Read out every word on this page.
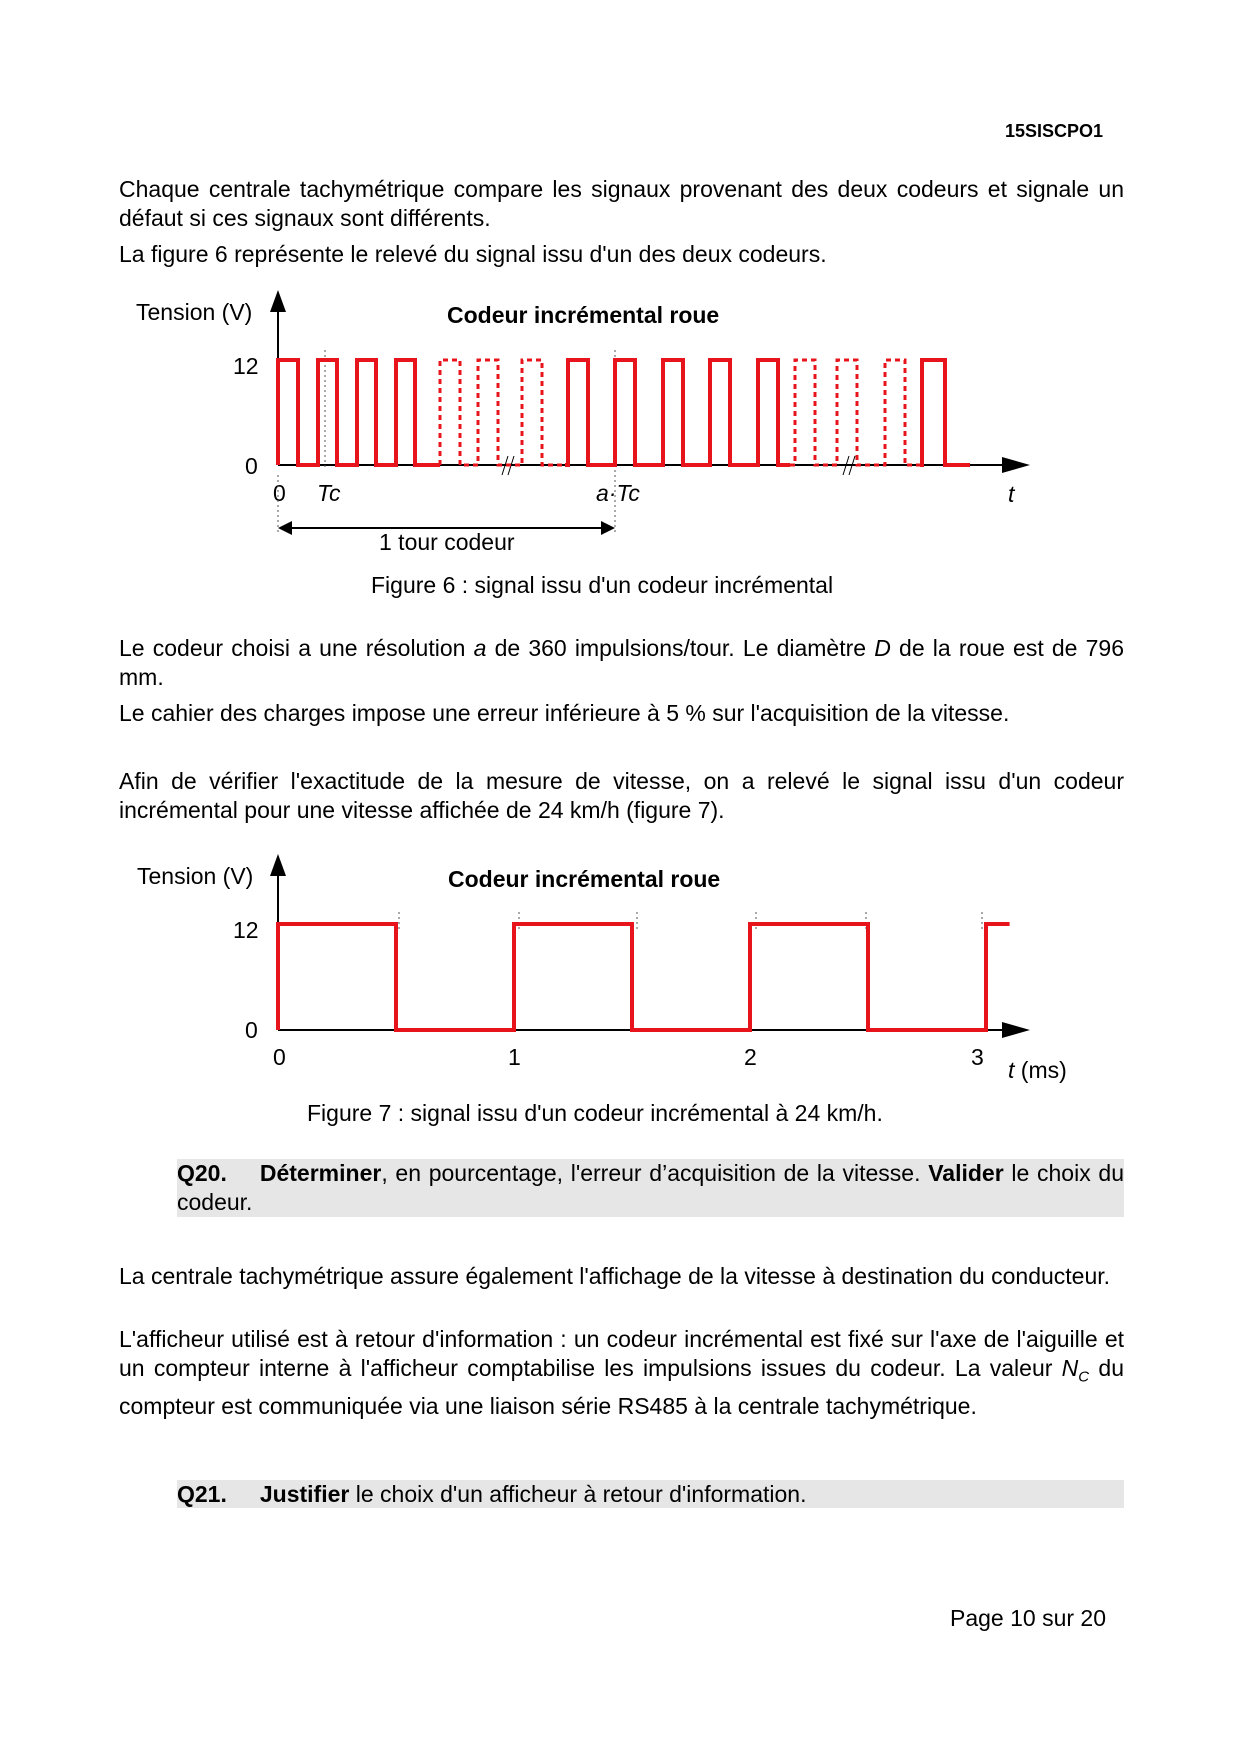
15SISCPO1

Chaque centrale tachymétrique compare les signaux provenant des deux codeurs et signale un défaut si ces signaux sont différents.

La figure 6 représente le relevé du signal issu d'un des deux codeurs.

Tension (V)	Codeur incrémental roue
12
0
0 Tc	a·Tc	t
1 tour codeur
Figure 6 : signal issu d'un codeur incrémental

Le codeur choisi a une résolution a de 360 impulsions/tour. Le diamètre D de la roue est de 796 mm.

Le cahier des charges impose une erreur inférieure à 5 % sur l'acquisition de la vitesse.

Afin de vérifier l'exactitude de la mesure de vitesse, on a relevé le signal issu d'un codeur incrémental pour une vitesse affichée de 24 km/h (figure 7).

Tension (V)	Codeur incrémental roue
12
0
0	1	2	3 t (ms)
Figure 7 : signal issu d'un codeur incrémental à 24 km/h.
Q20. Déterminer, en pourcentage, l'erreur d’acquisition de la vitesse. Valider le choix du codeur.

La centrale tachymétrique assure également l'affichage de la vitesse à destination du conducteur.

L'afficheur utilisé est à retour d'information : un codeur incrémental est fixé sur l'axe de l'aiguille et un compteur interne à l'afficheur comptabilise les impulsions issues du codeur. La valeur $N_C$ du compteur est communiquée via une liaison série RS485 à la centrale tachymétrique.

Q21. Justifier le choix d'un afficheur à retour d'information.
Page 10 sur 20
